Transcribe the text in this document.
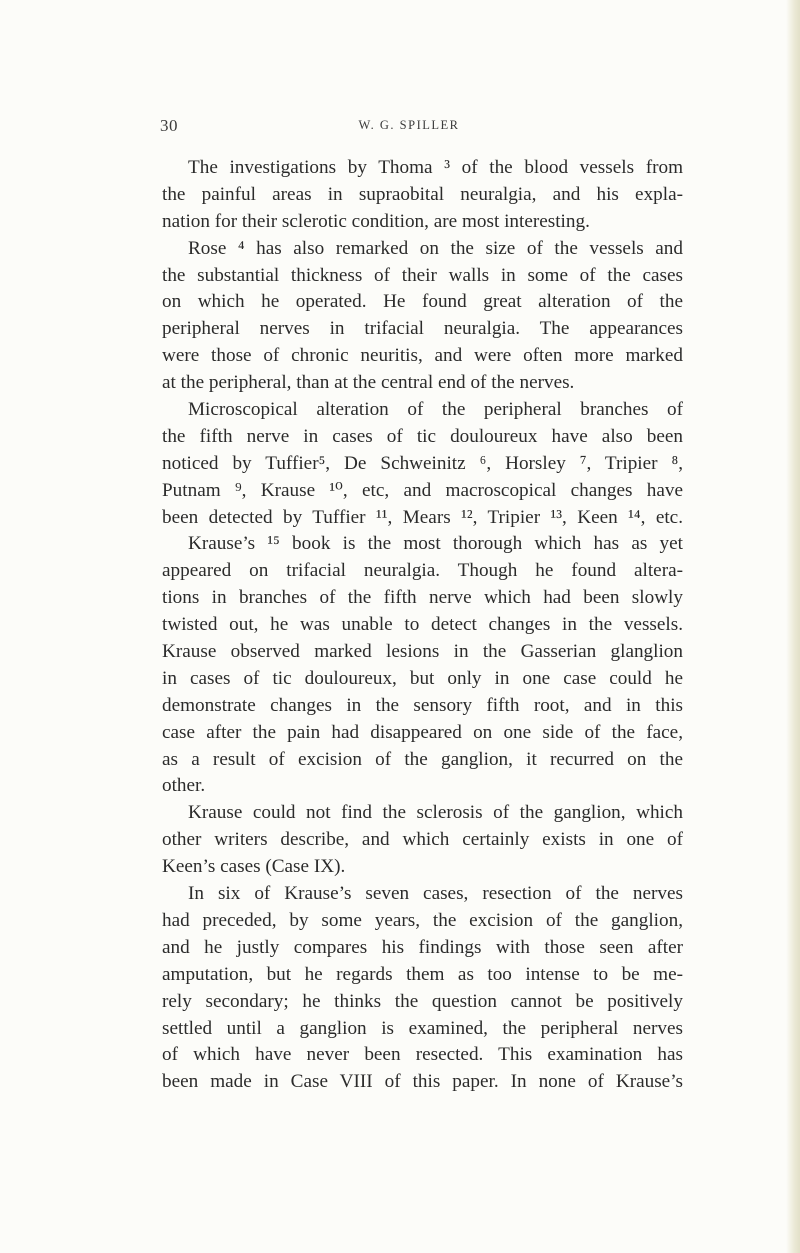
30	W. G. SPILLER
The investigations by Thoma ³ of the blood vessels from
the painful areas in supraobital neuralgia, and his expla-
nation for their sclerotic condition, are most interesting.
Rose ⁴ has also remarked on the size of the vessels and
the substantial thickness of their walls in some of the cases
on which he operated. He found great alteration of the
peripheral nerves in trifacial neuralgia. The appearances
were those of chronic neuritis, and were often more marked
at the peripheral, than at the central end of the nerves.
Microscopical alteration of the peripheral branches of
the fifth nerve in cases of tic douloureux have also been
noticed by Tuffier⁵, De Schweinitz ⁶, Horsley ⁷, Tripier ⁸,
Putnam ⁹, Krause ¹⁰, etc, and macroscopical changes have
been detected by Tuffier ¹¹, Mears ¹², Tripier ¹³, Keen ¹⁴, etc.
Krause’s ¹⁵ book is the most thorough which has as yet
appeared on trifacial neuralgia. Though he found altera-
tions in branches of the fifth nerve which had been slowly
twisted out, he was unable to detect changes in the vessels.
Krause observed marked lesions in the Gasserian glanglion
in cases of tic douloureux, but only in one case could he
demonstrate changes in the sensory fifth root, and in this
case after the pain had disappeared on one side of the face,
as a result of excision of the ganglion, it recurred on the
other.
Krause could not find the sclerosis of the ganglion, which
other writers describe, and which certainly exists in one of
Keen’s cases (Case IX).
In six of Krause’s seven cases, resection of the nerves
had preceded, by some years, the excision of the ganglion,
and he justly compares his findings with those seen after
amputation, but he regards them as too intense to be me-
rely secondary; he thinks the question cannot be positively
settled until a ganglion is examined, the peripheral nerves
of which have never been resected. This examination has
been made in Case VIII of this paper. In none of Krause’s
